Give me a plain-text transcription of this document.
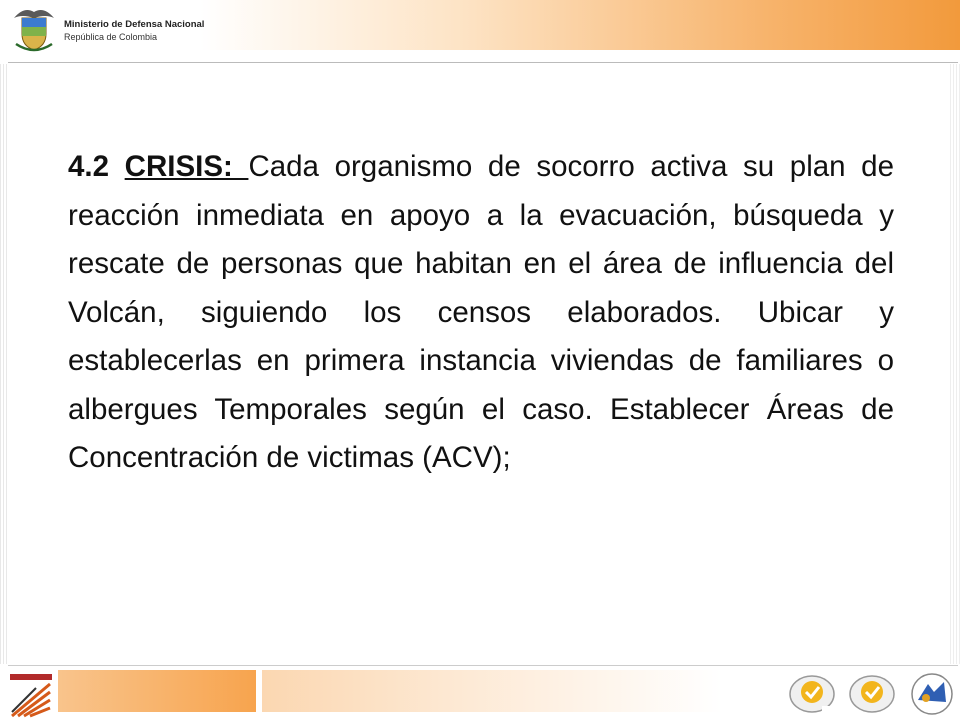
Ministerio de Defensa Nacional
República de Colombia
4.2 CRISIS: Cada organismo de socorro activa su plan de reacción inmediata en apoyo a la evacuación, búsqueda y rescate de personas que habitan en el área de influencia del Volcán, siguiendo los censos elaborados. Ubicar y establecerlas en primera instancia viviendas de familiares o albergues Temporales según el caso. Establecer Áreas de Concentración de victimas (ACV);
